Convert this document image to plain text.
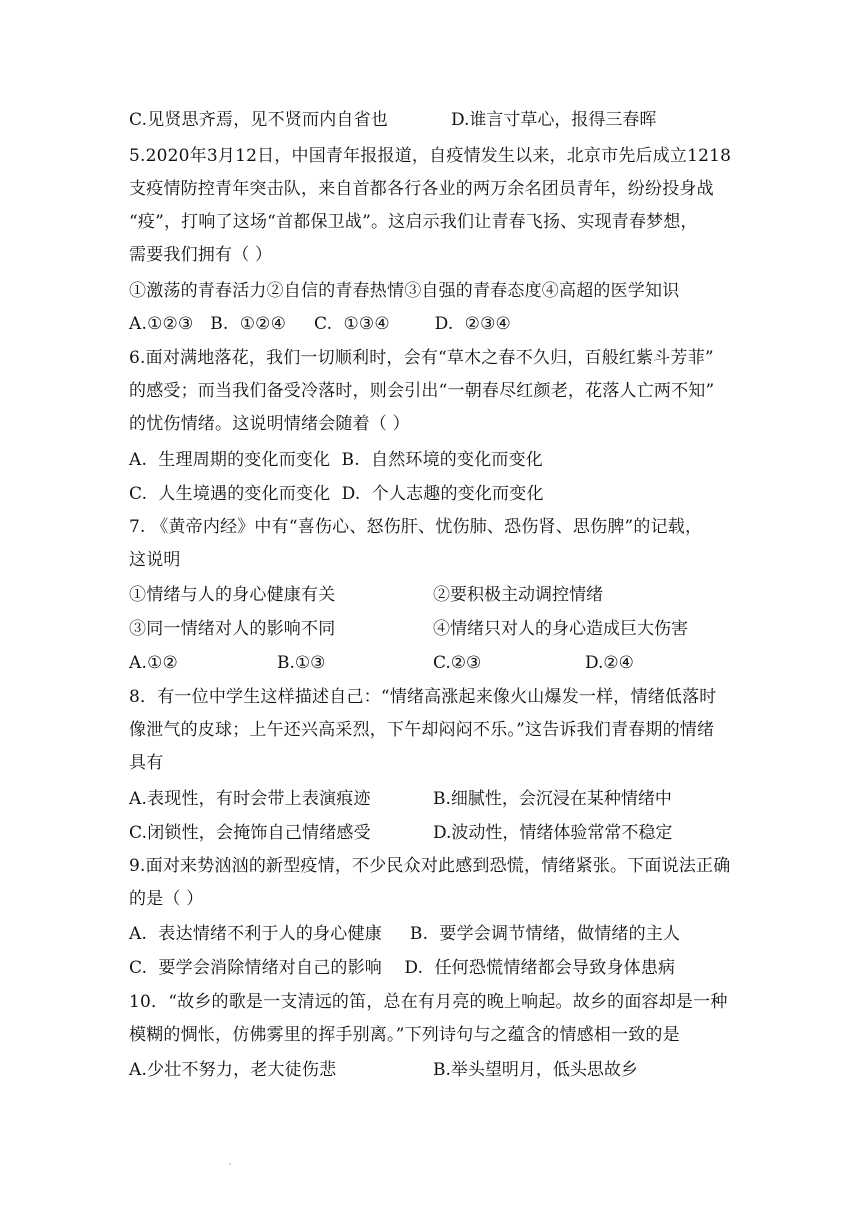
C.见贤思齐焉，见不贤而内自省也	D.谁言寸草心，报得三春晖
5.2020年3月12日，中国青年报报道，自疫情发生以来，北京市先后成立1218
支疫情防控青年突击队，来自首都各行各业的两万余名团员青年，纷纷投身战
“疫”，打响了这场“首都保卫战”。这启示我们让青春飞扬、实现青春梦想，
需要我们拥有（ ）
①激荡的青春活力②自信的青春热情③自强的青春态度④高超的医学知识
A.①②③   B.  ①②④     C.  ①③④        D.  ②③④
6.面对满地落花，我们一切顺利时，会有“草木之春不久归，百般红紫斗芳菲”
的感受；而当我们备受冷落时，则会引出“一朝春尽红颜老，花落人亡两不知”
的忧伤情绪。这说明情绪会随着（ ）
A.  生理周期的变化而变化  B.  自然环境的变化而变化
C.  人生境遇的变化而变化  D.  个人志趣的变化而变化
7. 《黄帝内经》中有“喜伤心、怒伤肝、忧伤肺、恐伤肾、思伤脾”的记载，
这说明
①情绪与人的身心健康有关	②要积极主动调控情绪
③同一情绪对人的影响不同	④情绪只对人的身心造成巨大伤害
A.①②	B.①③	C.②③	D.②④
8．有一位中学生这样描述自己：“情绪高涨起来像火山爆发一样，情绪低落时
像泄气的皮球；上午还兴高采烈，下午却闷闷不乐。”这告诉我们青春期的情绪
具有
A.表现性，有时会带上表演痕迹	B.细腻性，会沉浸在某种情绪中
C.闭锁性，会掩饰自己情绪感受	D.波动性，情绪体验常常不稳定
9.面对来势汹汹的新型疫情，不少民众对此感到恐慌，情绪紧张。下面说法正确
的是（ ）
A.  表达情绪不利于人的身心健康     B.  要学会调节情绪，做情绪的主人
C.  要学会消除情绪对自己的影响    D.  任何恐慌情绪都会导致身体患病
10．“故乡的歌是一支清远的笛，总在有月亮的晚上响起。故乡的面容却是一种
模糊的惆怅，仿佛雾里的挥手别离。”下列诗句与之蕴含的情感相一致的是
A.少壮不努力，老大徒伤悲	B.举头望明月，低头思故乡
